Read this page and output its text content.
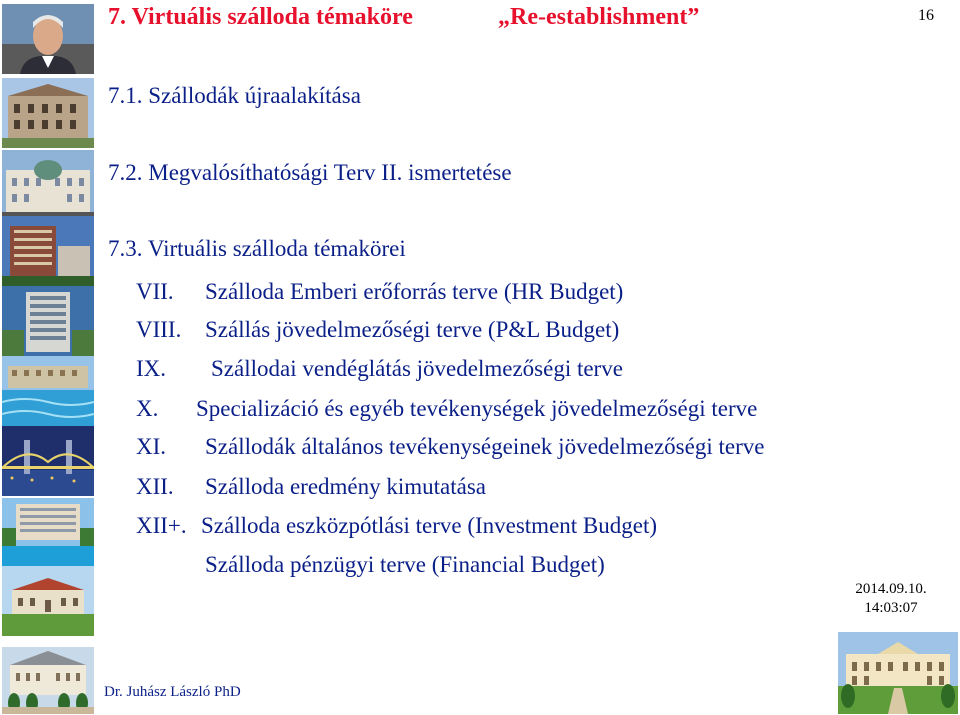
7. Virtuális szálloda témaköre	„Re-establishment”	16
7.1. Szállodák újraalakítása
7.2. Megvalósíthatósági Terv II. ismertetése
7.3. Virtuális szálloda témakörei
VII. Szálloda Emberi erőforrás terve (HR Budget)
VIII. Szállás jövedelmezőségi terve (P&L Budget)
IX. Szállodai vendéglátás jövedelmezőségi terve
X. Specializáció és egyéb tevékenységek jövedelmezőségi terve
XI. Szállodák általános tevékenységeinek jövedelmezőségi terve
XII. Szálloda eredmény kimutatása
XII+. Szálloda eszközpótlási terve (Investment Budget)
Szálloda pénzügyi terve (Financial Budget)
2014.09.10.
14:03:07
Dr. Juhász László PhD
